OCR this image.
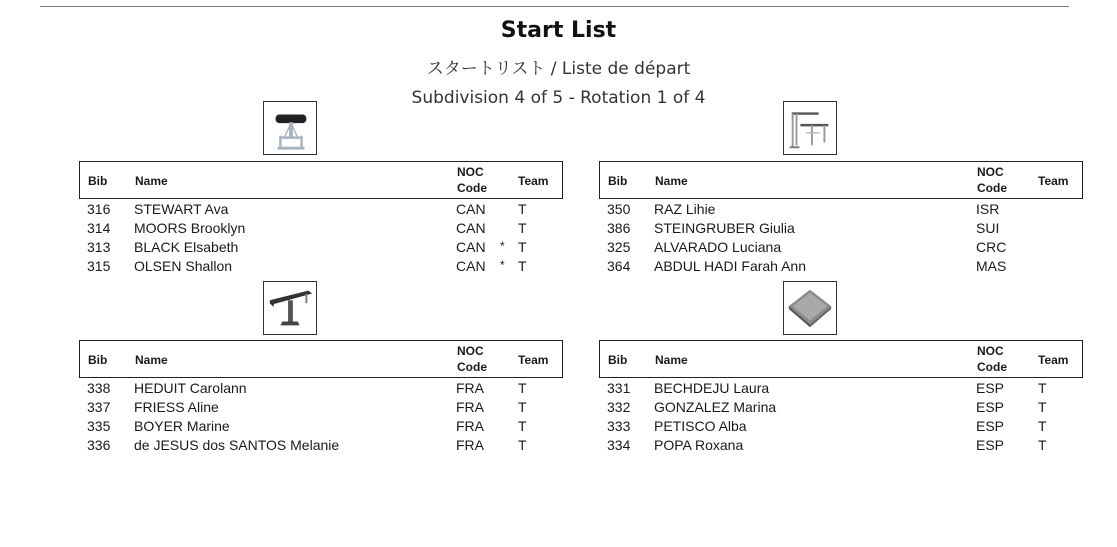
Start List
スタートリスト / Liste de départ
Subdivision 4 of 5 - Rotation 1 of 4
Bib Name
NOC
Code	Team
316 STEWART Ava	CAN T
314 MOORS Brooklyn	CAN T
313 BLACK Elsabeth	CAN * T
315 OLSEN Shallon	CAN * T
Bib Name
NOC
Code	Team
350 RAZ Lihie	ISR
386 STEINGRUBER Giulia	SUI
325 ALVARADO Luciana	CRC
364 ABDUL HADI Farah Ann	MAS
Bib Name
NOC
Code	Team
338 HEDUIT Carolann	FRA T
337 FRIESS Aline	FRA T
335 BOYER Marine	FRA T
336 de JESUS dos SANTOS Melanie	FRA T
Bib Name
NOC
Code	Team
331 BECHDEJU Laura	ESP T
332 GONZALEZ Marina	ESP T
333 PETISCO Alba	ESP T
334 POPA Roxana	ESP T
